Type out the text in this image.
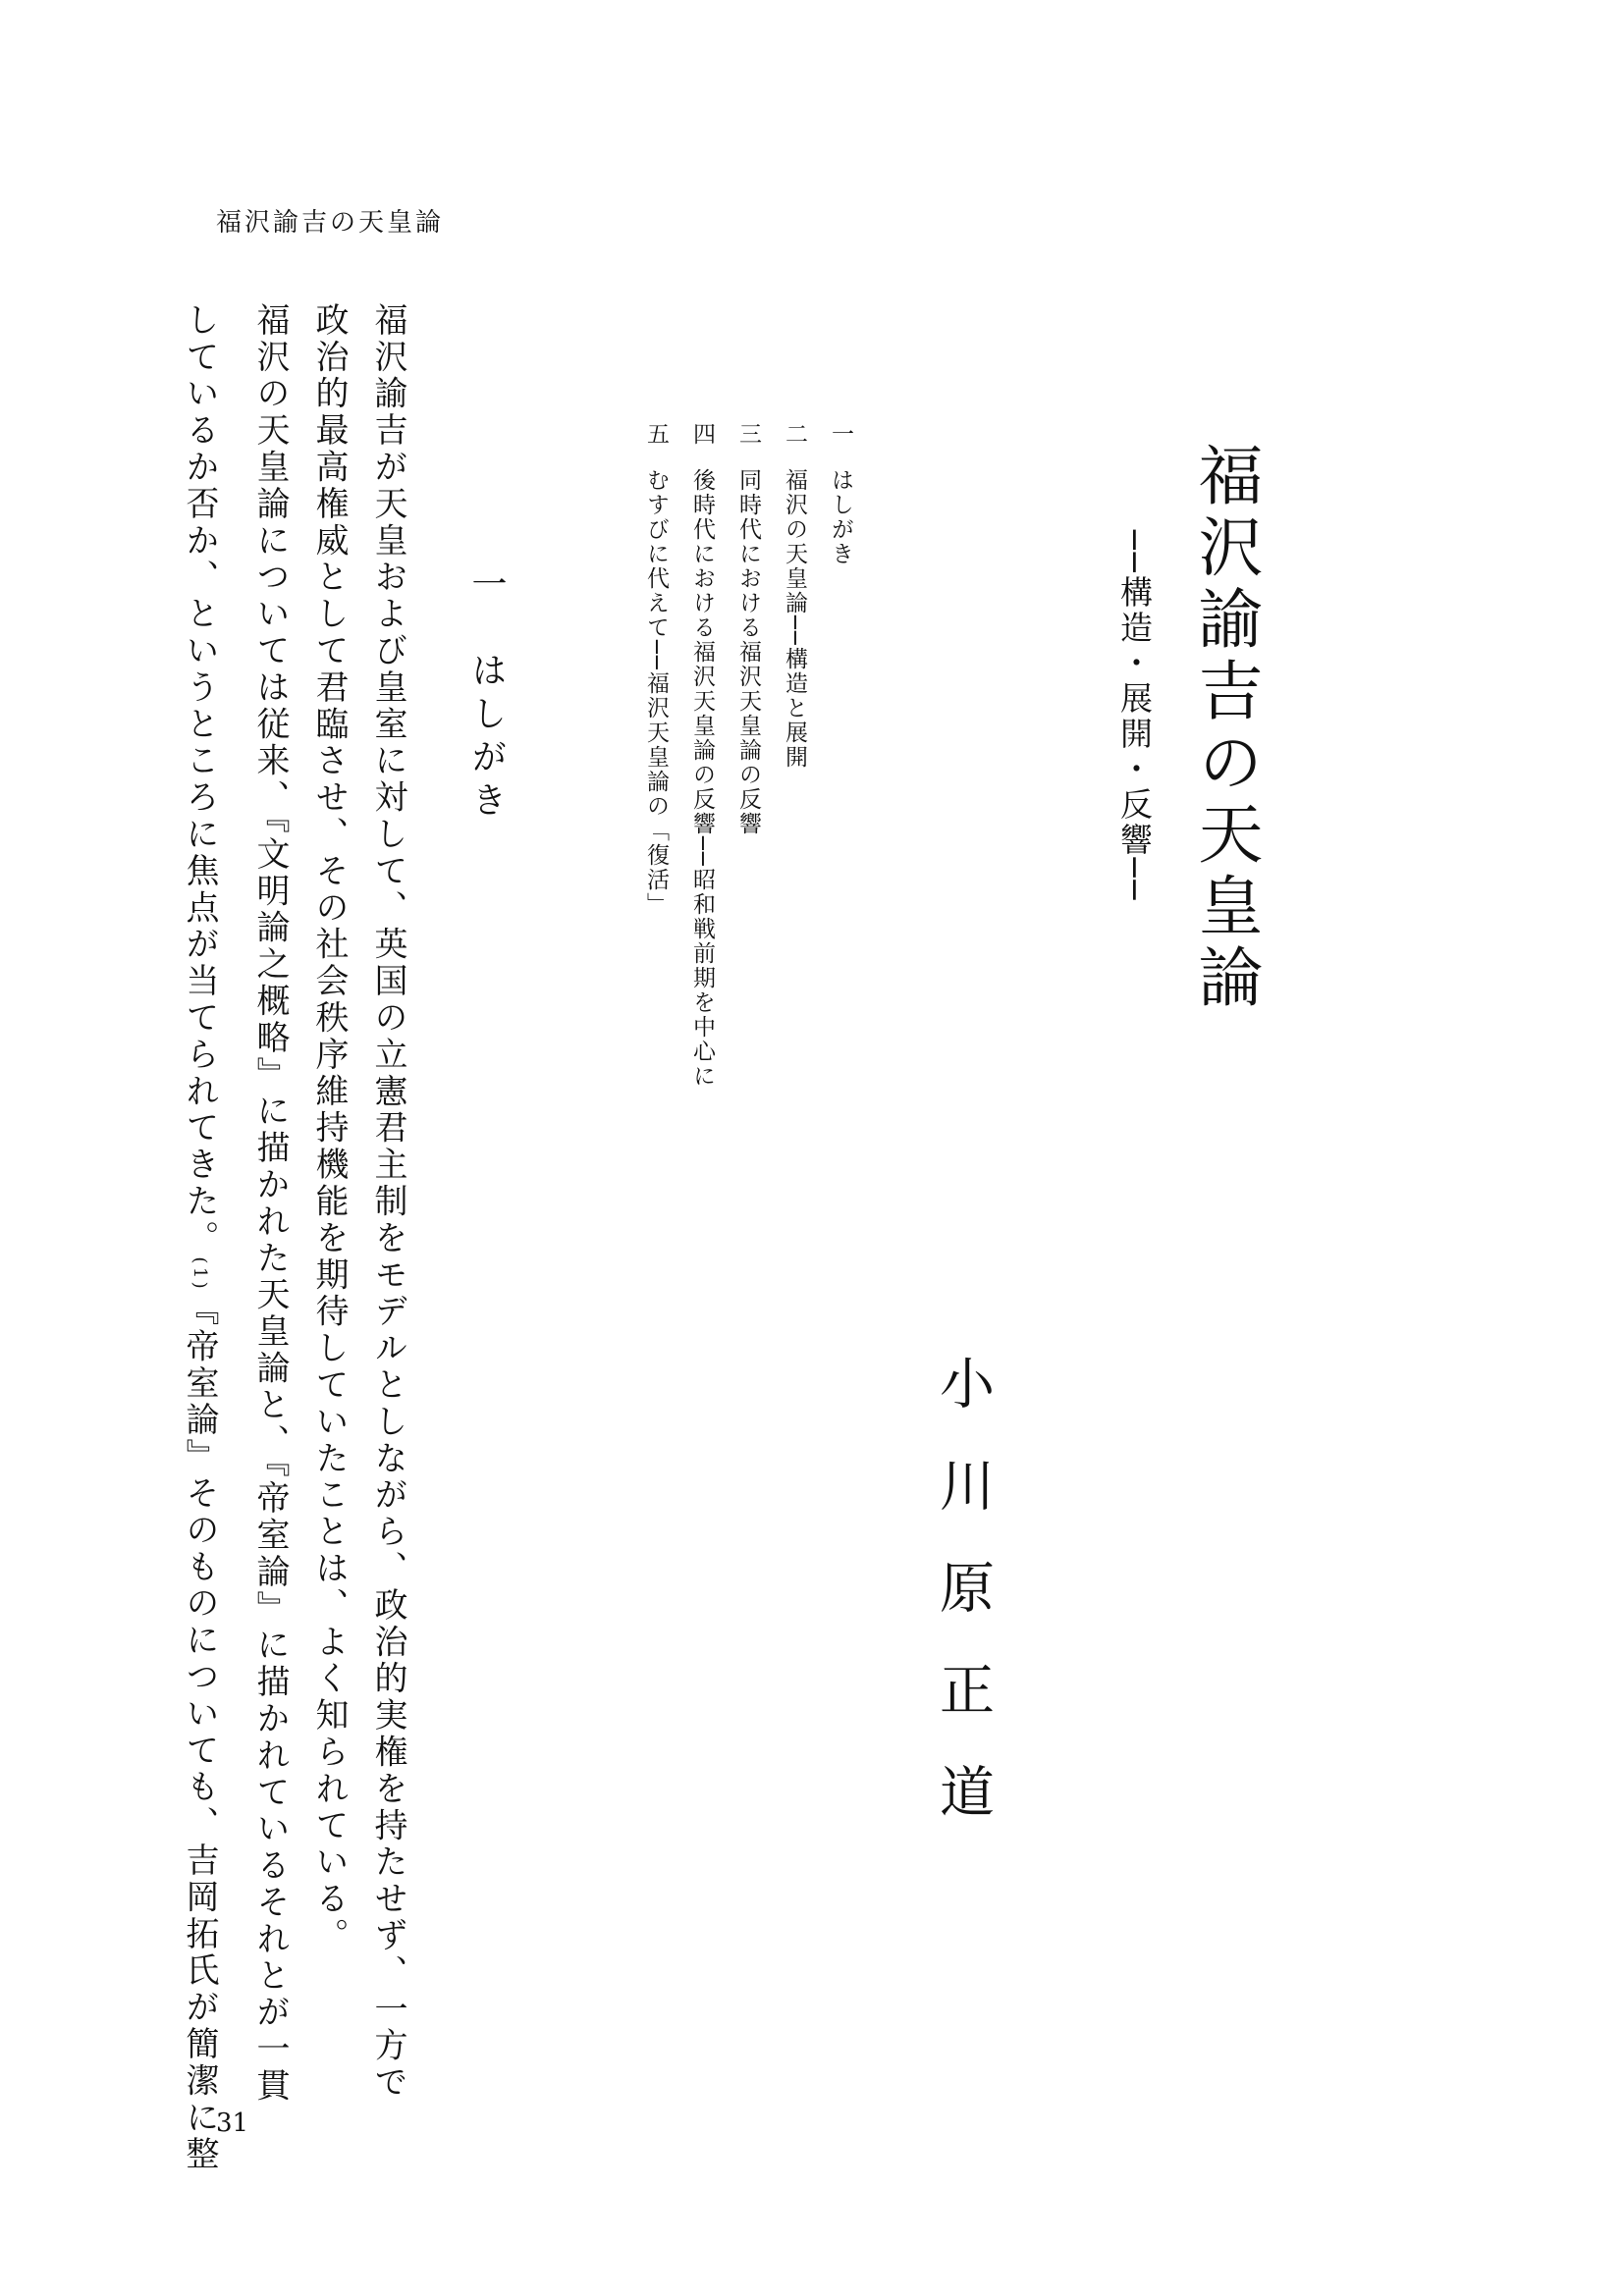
福沢諭吉の天皇論
福沢諭吉の天皇論
──構造・展開・反響──
一はしがき
二福沢の天皇論──構造と展開
三同時代における福沢天皇論の反響
四後時代における福沢天皇論の反響──昭和戦前期を中心に
五むすびに代えて──福沢天皇論の「復活」
小川原正道
一　はしがき
福沢諭吉が天皇および皇室に対して、英国の立憲君主制をモデルとしながら、政治的実権を持たせず、一方で
政治的最高権威として君臨させ、その社会秩序維持機能を期待していたことは、よく知られている。
福沢の天皇論については従来、『文明論之概略』に描かれた天皇論と、『帝室論』に描かれているそれとが一貫
しているか否か、というところに焦点が当てられてきた。(1)『帝室論』そのものについても、吉岡拓氏が簡潔に整
31
